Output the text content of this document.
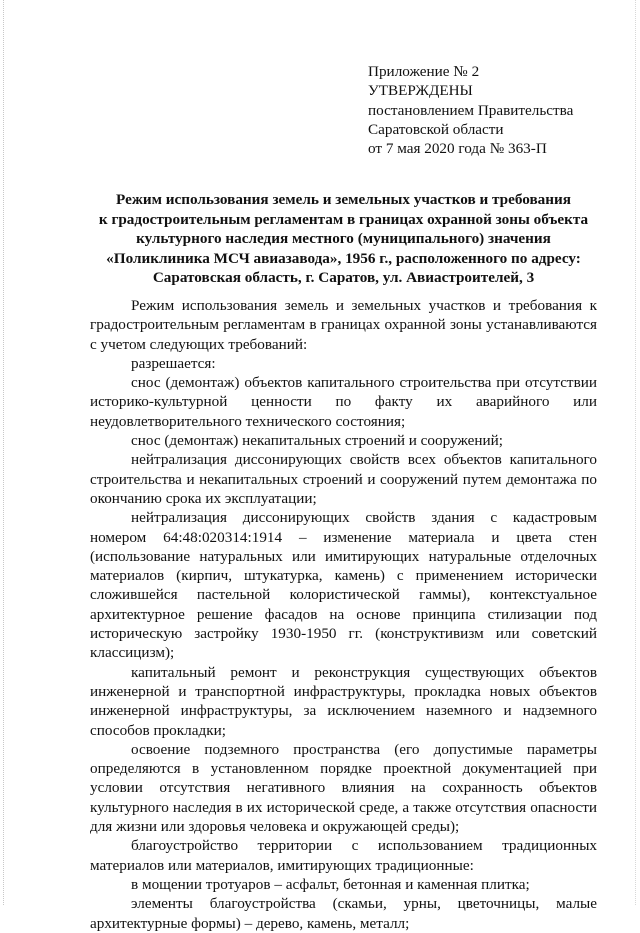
Приложение № 2

УТВЕРЖДЕНЫ

постановлением Правительства

Саратовской области

от 7 мая 2020 года № 363-П

Режим использования земель и земельных участков и требования

к градостроительным регламентам в границах охранной зоны объекта

культурного наследия местного (муниципального) значения

«Поликлиника МСЧ авиазавода», 1956 г., расположенного по адресу:

Саратовская область, г. Саратов, ул. Авиастроителей, 3

Режим использования земель и земельных участков и требования к градостроительным регламентам в границах охранной зоны устанавливаются с учетом следующих требований:

разрешается:

снос (демонтаж) объектов капитального строительства при отсутствии историко-культурной ценности по факту их аварийного или неудовлетворительного технического состояния;

снос (демонтаж) некапитальных строений и сооружений;

нейтрализация диссонирующих свойств всех объектов капитального строительства и некапитальных строений и сооружений путем демонтажа по окончанию срока их эксплуатации;

нейтрализация диссонирующих свойств здания с кадастровым номером 64:48:020314:1914 – изменение материала и цвета стен (использование натуральных или имитирующих натуральные отделочных материалов (кирпич, штукатурка, камень) с применением исторически сложившейся пастельной колористической гаммы), контекстуальное архитектурное решение фасадов на основе принципа стилизации под историческую застройку 1930-1950 гг. (конструктивизм или советский классицизм);

капитальный ремонт и реконструкция существующих объектов инженерной и транспортной инфраструктуры, прокладка новых объектов инженерной инфраструктуры, за исключением наземного и надземного способов прокладки;

освоение подземного пространства (его допустимые параметры определяются в установленном порядке проектной документацией при условии отсутствия негативного влияния на сохранность объектов культурного наследия в их исторической среде, а также отсутствия опасности для жизни или здоровья человека и окружающей среды);

благоустройство территории с использованием традиционных материалов или материалов, имитирующих традиционные:

в мощении тротуаров – асфальт, бетонная и каменная плитка;

элементы благоустройства (скамьи, урны, цветочницы, малые архитектурные формы) – дерево, камень, металл;
